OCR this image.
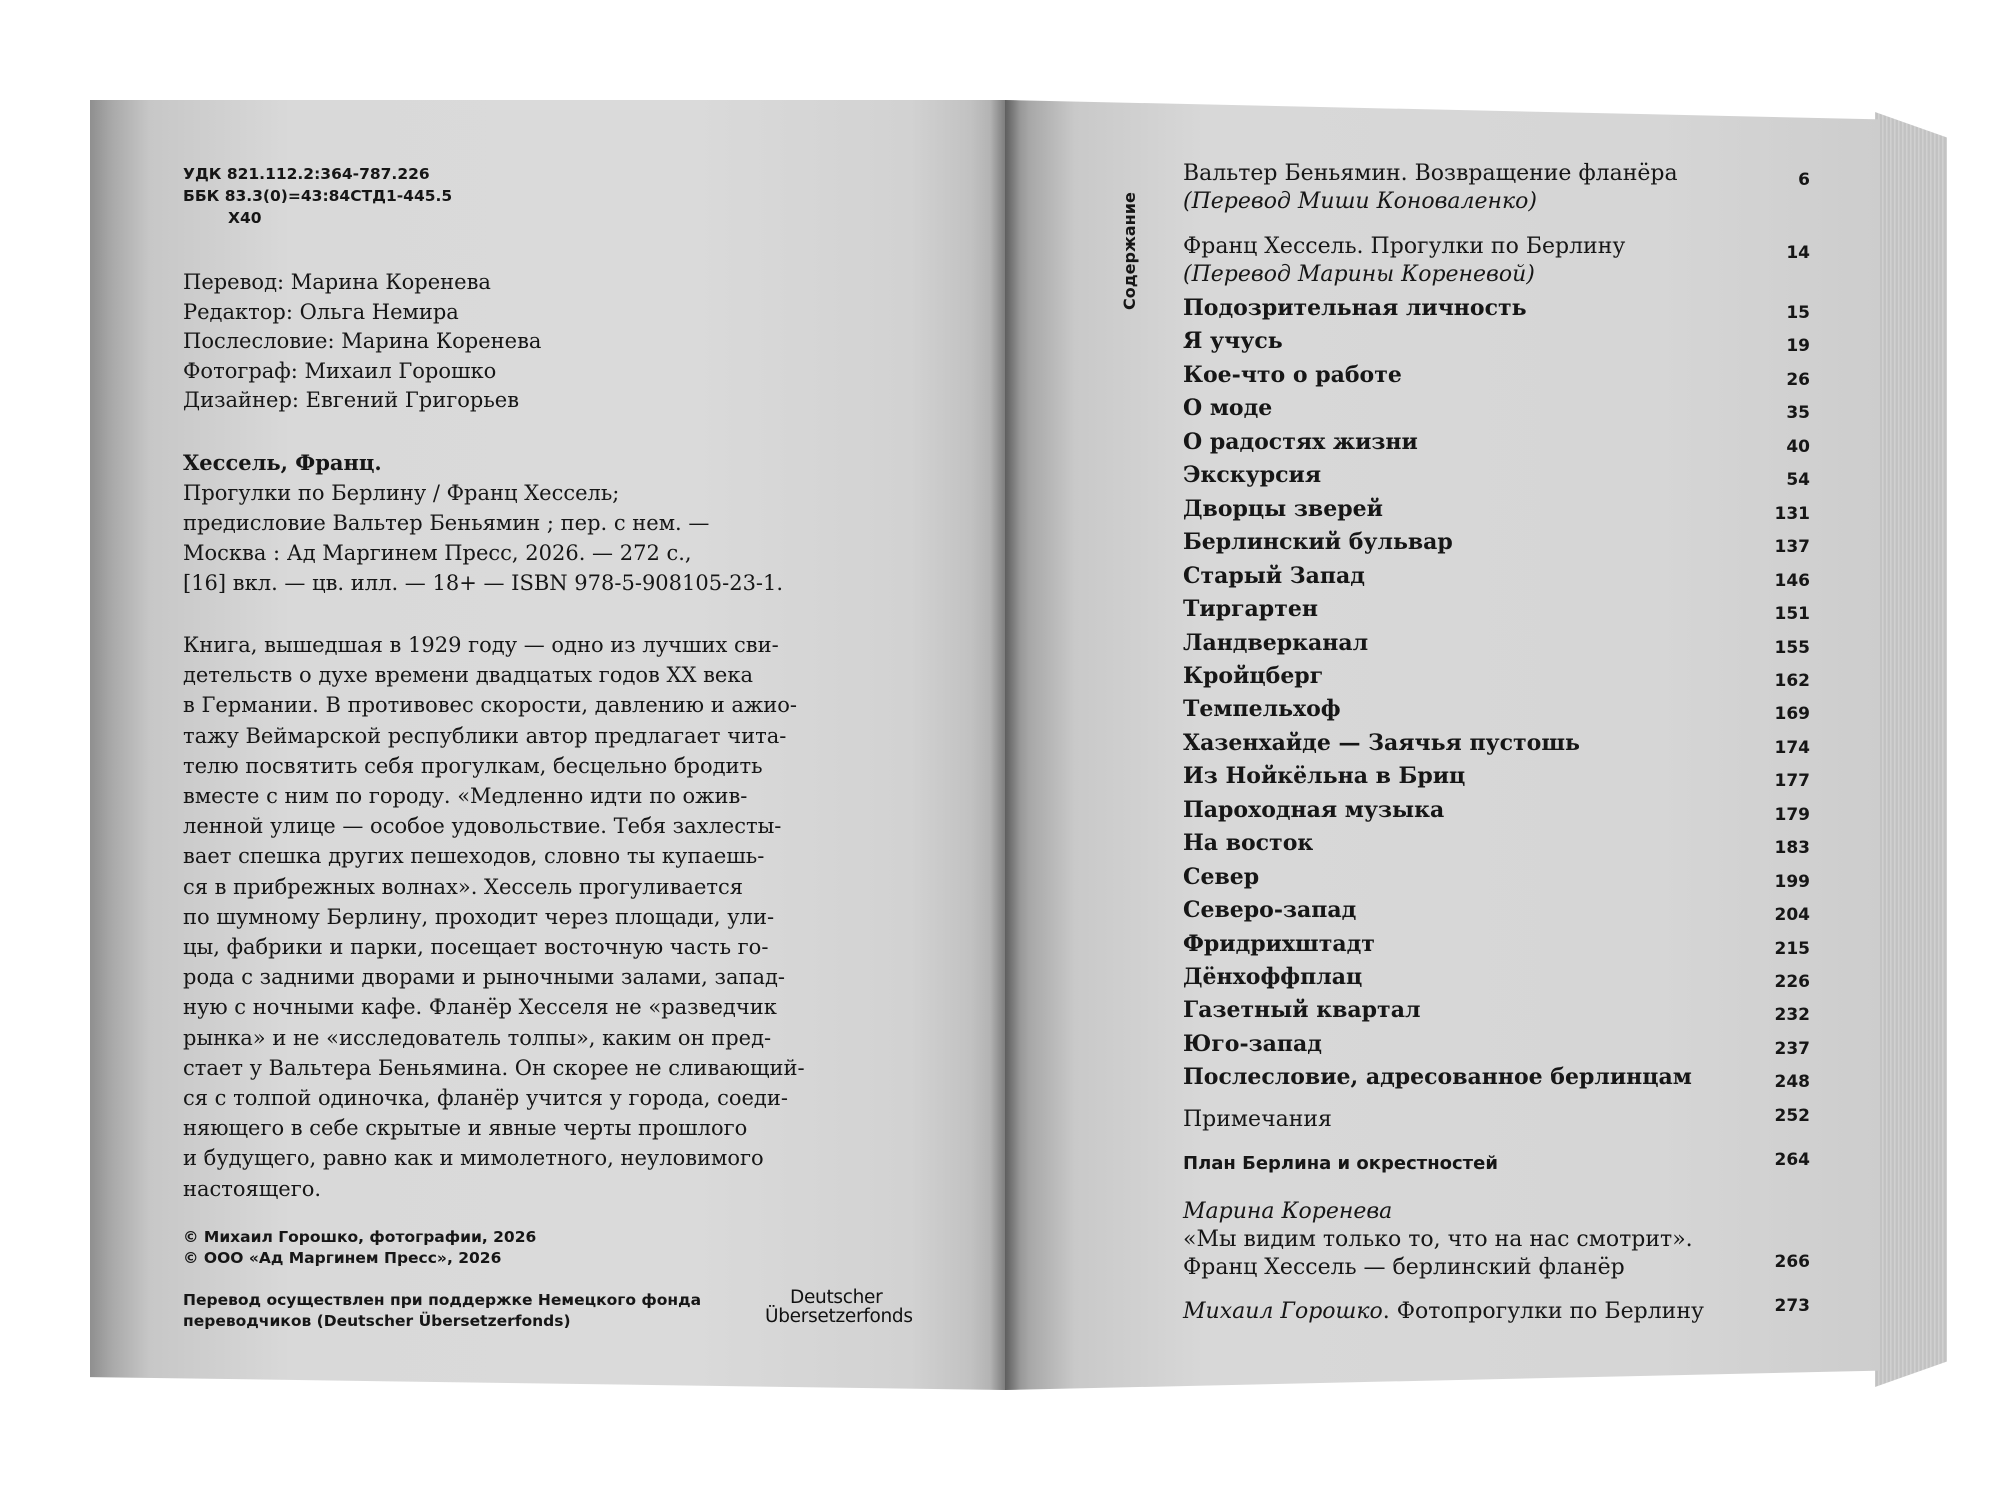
УДК 821.112.2:364-787.226
ББК 83.3(0)=43:84СТД1-445.5
Х40
Перевод: Марина Коренева
Редактор: Ольга Немира
Послесловие: Марина Коренева
Фотограф: Михаил Горошко
Дизайнер: Евгений Григорьев
Хессель, Франц.
Прогулки по Берлину / Франц Хессель;
предисловие Вальтер Беньямин ; пер. с нем. —
Москва : Ад Маргинем Пресс, 2026. — 272 с.,
[16] вкл. — цв. илл. — 18+ — ISBN 978-5-908105-23-1.
Книга, вышедшая в 1929 году — одно из лучших сви-
детельств о духе времени двадцатых годов XX века
в Германии. В противовес скорости, давлению и ажио-
тажу Веймарской республики автор предлагает чита-
телю посвятить себя прогулкам, бесцельно бродить
вместе с ним по городу. «Медленно идти по ожив-
ленной улице — особое удовольствие. Тебя захлесты-
вает спешка других пешеходов, словно ты купаешь-
ся в прибрежных волнах». Хессель прогуливается
по шумному Берлину, проходит через площади, ули-
цы, фабрики и парки, посещает восточную часть го-
рода с задними дворами и рыночными залами, запад-
ную с ночными кафе. Фланёр Хесселя не «разведчик
рынка» и не «исследователь толпы», каким он пред-
стает у Вальтера Беньямина. Он скорее не сливающий-
ся с толпой одиночка, фланёр учится у города, соеди-
няющего в себе скрытые и явные черты прошлого
и будущего, равно как и мимолетного, неуловимого
настоящего.
© Михаил Горошко, фотографии, 2026
© ООО «Ад Маргинем Пресс», 2026
Перевод осуществлен при поддержке Немецкого фонда
переводчиков (Deutscher Übersetzerfonds)
Deutscher
Übersetzerfonds
Содержание
Вальтер Беньямин. Возвращение фланёра
(Перевод Миши Коноваленко)
6
Франц Хессель. Прогулки по Берлину
(Перевод Марины Кореневой)
14
Подозрительная личность	15
Я учусь	19
Кое-что о работе	26
О моде	35
О радостях жизни	40
Экскурсия	54
Дворцы зверей	131
Берлинский бульвар	137
Старый Запад	146
Тиргартен	151
Ландверканал	155
Кройцберг	162
Темпельхоф	169
Хазенхайде — Заячья пустошь	174
Из Нойкёльна в Бриц	177
Пароходная музыка	179
На восток	183
Север	199
Северо-запад	204
Фридрихштадт	215
Дёнхоффплац	226
Газетный квартал	232
Юго-запад	237
Послесловие, адресованное берлинцам	248
Примечания	252
План Берлина и окрестностей	264
Марина Коренева
«Мы видим только то, что на нас смотрит».
Франц Хессель — берлинский фланёр	266
Михаил Горошко. Фотопрогулки по Берлину	273
